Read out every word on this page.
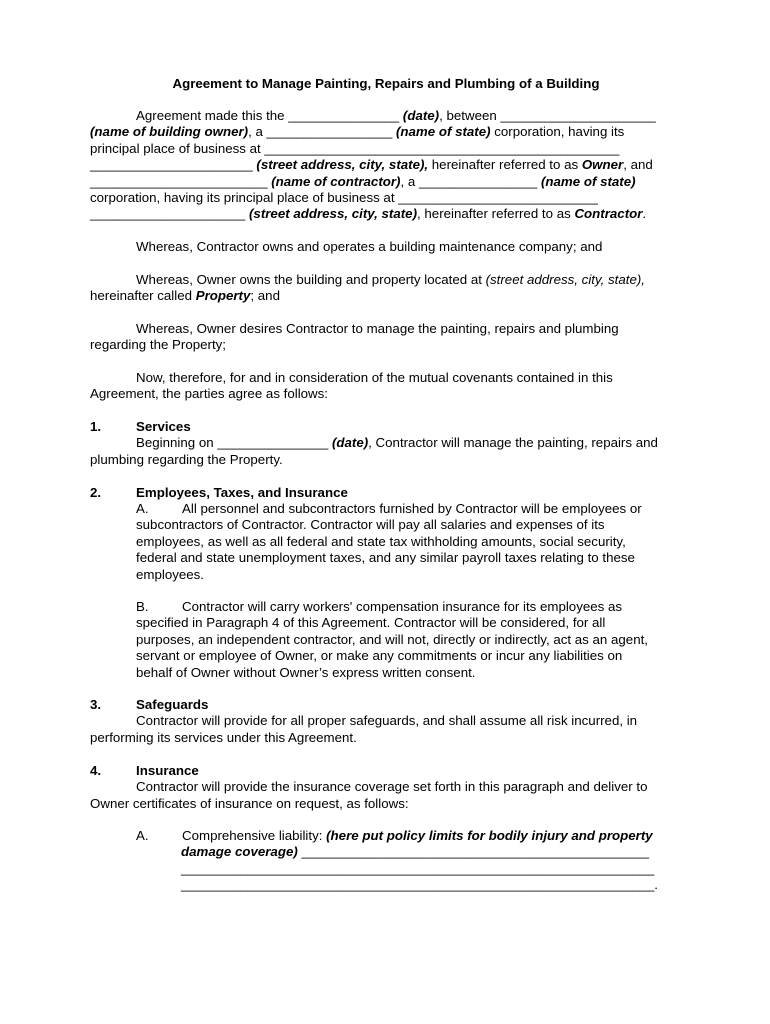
Agreement to Manage Painting, Repairs and Plumbing of a Building
Agreement made this the _______________ (date), between _____________________
(name of building owner), a _________________ (name of state) corporation, having its
principal place of business at ________________________________________________
______________________ (street address, city, state), hereinafter referred to as Owner, and
________________________ (name of contractor), a ________________ (name of state)
corporation, having its principal place of business at ___________________________
_____________________ (street address, city, state), hereinafter referred to as Contractor.
Whereas, Contractor owns and operates a building maintenance company; and
Whereas, Owner owns the building and property located at (street address, city, state),
hereinafter called Property; and
Whereas, Owner desires Contractor to manage the painting, repairs and plumbing
regarding the Property;
Now, therefore, for and in consideration of the mutual covenants contained in this
Agreement, the parties agree as follows:
1.	Services
Beginning on _______________ (date), Contractor will manage the painting, repairs and
plumbing regarding the Property.
2.	Employees, Taxes, and Insurance
A.	All personnel and subcontractors furnished by Contractor will be employees or
subcontractors of Contractor. Contractor will pay all salaries and expenses of its
employees, as well as all federal and state tax withholding amounts, social security,
federal and state unemployment taxes, and any similar payroll taxes relating to these
employees.
B.	Contractor will carry workers' compensation insurance for its employees as
specified in Paragraph 4 of this Agreement. Contractor will be considered, for all
purposes, an independent contractor, and will not, directly or indirectly, act as an agent,
servant or employee of Owner, or make any commitments or incur any liabilities on
behalf of Owner without Owner’s express written consent.
3.	Safeguards
Contractor will provide for all proper safeguards, and shall assume all risk incurred, in
performing its services under this Agreement.
4.	Insurance
Contractor will provide the insurance coverage set forth in this paragraph and deliver to
Owner certificates of insurance on request, as follows:
A.	Comprehensive liability: (here put policy limits for bodily injury and property
damage coverage) _______________________________________________
________________________________________________________________
________________________________________________________________.
